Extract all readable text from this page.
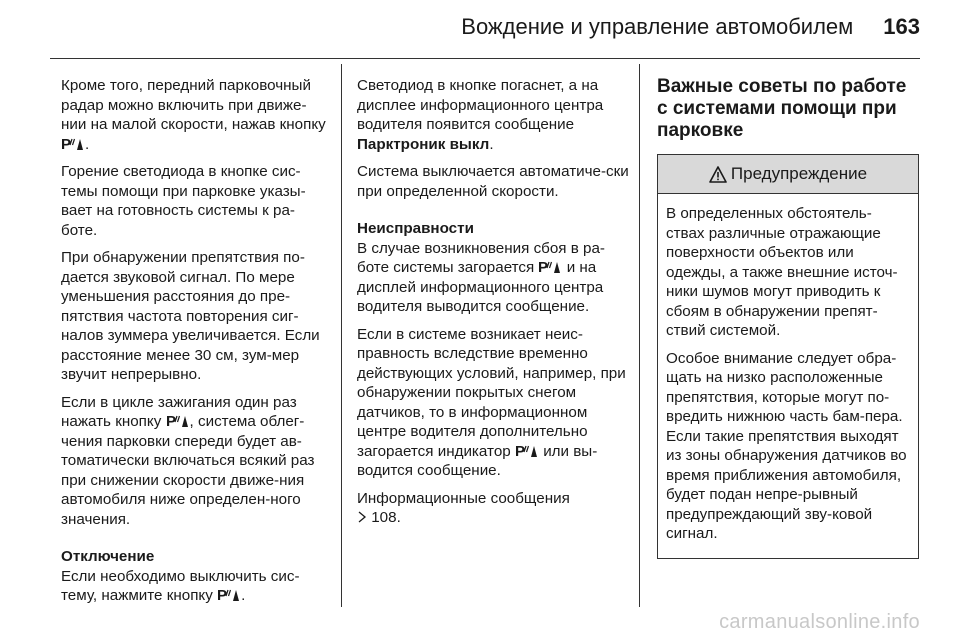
Вождение и управление автомобилем 163

Кроме того, передний парковочный радар можно включить при движе-нии на малой скорости, нажав кнопку
P .

Горение светодиода в кнопке сис-темы помощи при парковке указы-вает на готовность системы к ра-боте.

При обнаружении препятствия по-дается звуковой сигнал. По мере уменьшения расстояния до пре-пятствия частота повторения сиг-налов зуммера увеличивается. Если расстояние менее 30 см, зум-мер звучит непрерывно.

Если в цикле зажигания один раз нажать кнопку P , система облег-чения парковки спереди будет ав-томатически включаться всякий раз при снижении скорости движе-ния автомобиля ниже определен-ного значения.

Отключение
Если необходимо выключить сис-тему, нажмите кнопку P .

Светодиод в кнопке погаснет, а на дисплее информационного центра водителя появится сообщение Парктроник выкл.

Система выключается автоматиче-ски при определенной скорости.

Неисправности
В случае возникновения сбоя в ра-боте системы загорается P и на дисплей информационного центра водителя выводится сообщение.

Если в системе возникает неис-правность вследствие временно действующих условий, например, при обнаружении покрытых снегом датчиков, то в информационном центре водителя дополнительно загорается индикатор P или вы-водится сообщение.

Информационные сообщения
108.

Важные советы по работе с системами помощи при парковке
Предупреждение

В определенных обстоятель-ствах различные отражающие поверхности объектов или одежды, а также внешние источ-ники шумов могут приводить к сбоям в обнаружении препят-ствий системой.

Особое внимание следует обра-щать на низко расположенные препятствия, которые могут по-вредить нижнюю часть бам-пера. Если такие препятствия выходят из зоны обнаружения датчиков во время приближения автомобиля, будет подан непре-рывный предупреждающий зву-ковой сигнал.

carmanualsonline.info
